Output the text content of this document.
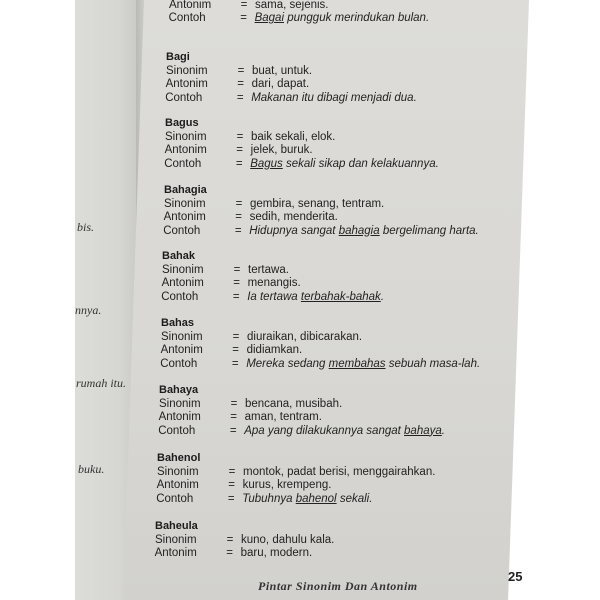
bis.
nnya.
rumah itu.
buku.
Antonim	= sama, sejenis.
Contoh	= Bagai pungguk merindukan bulan.
Bagi
Sinonim	= buat, untuk.
Antonim	= dari, dapat.
Contoh	= Makanan itu dibagi menjadi dua.
Bagus
Sinonim	= baik sekali, elok.
Antonim	= jelek, buruk.
Contoh	= Bagus sekali sikap dan kelakuannya.
Bahagia
Sinonim	= gembira, senang, tentram.
Antonim	= sedih, menderita.
Contoh	= Hidupnya sangat bahagia bergelimang harta.
Bahak
Sinonim	= tertawa.
Antonim	= menangis.
Contoh	= Ia tertawa terbahak-bahak.
Bahas
Sinonim	= diuraikan, dibicarakan.
Antonim	= didiamkan.
Contoh	= Mereka sedang membahas sebuah masa-lah.
Bahaya
Sinonim	= bencana, musibah.
Antonim	= aman, tentram.
Contoh	= Apa yang dilakukannya sangat bahaya.
Bahenol
Sinonim	= montok, padat berisi, menggairahkan.
Antonim	= kurus, krempeng.
Contoh	= Tubuhnya bahenol sekali.
Baheula
Sinonim	= kuno, dahulu kala.
Antonim	= baru, modern.
Pintar Sinonim Dan Antonim
25
